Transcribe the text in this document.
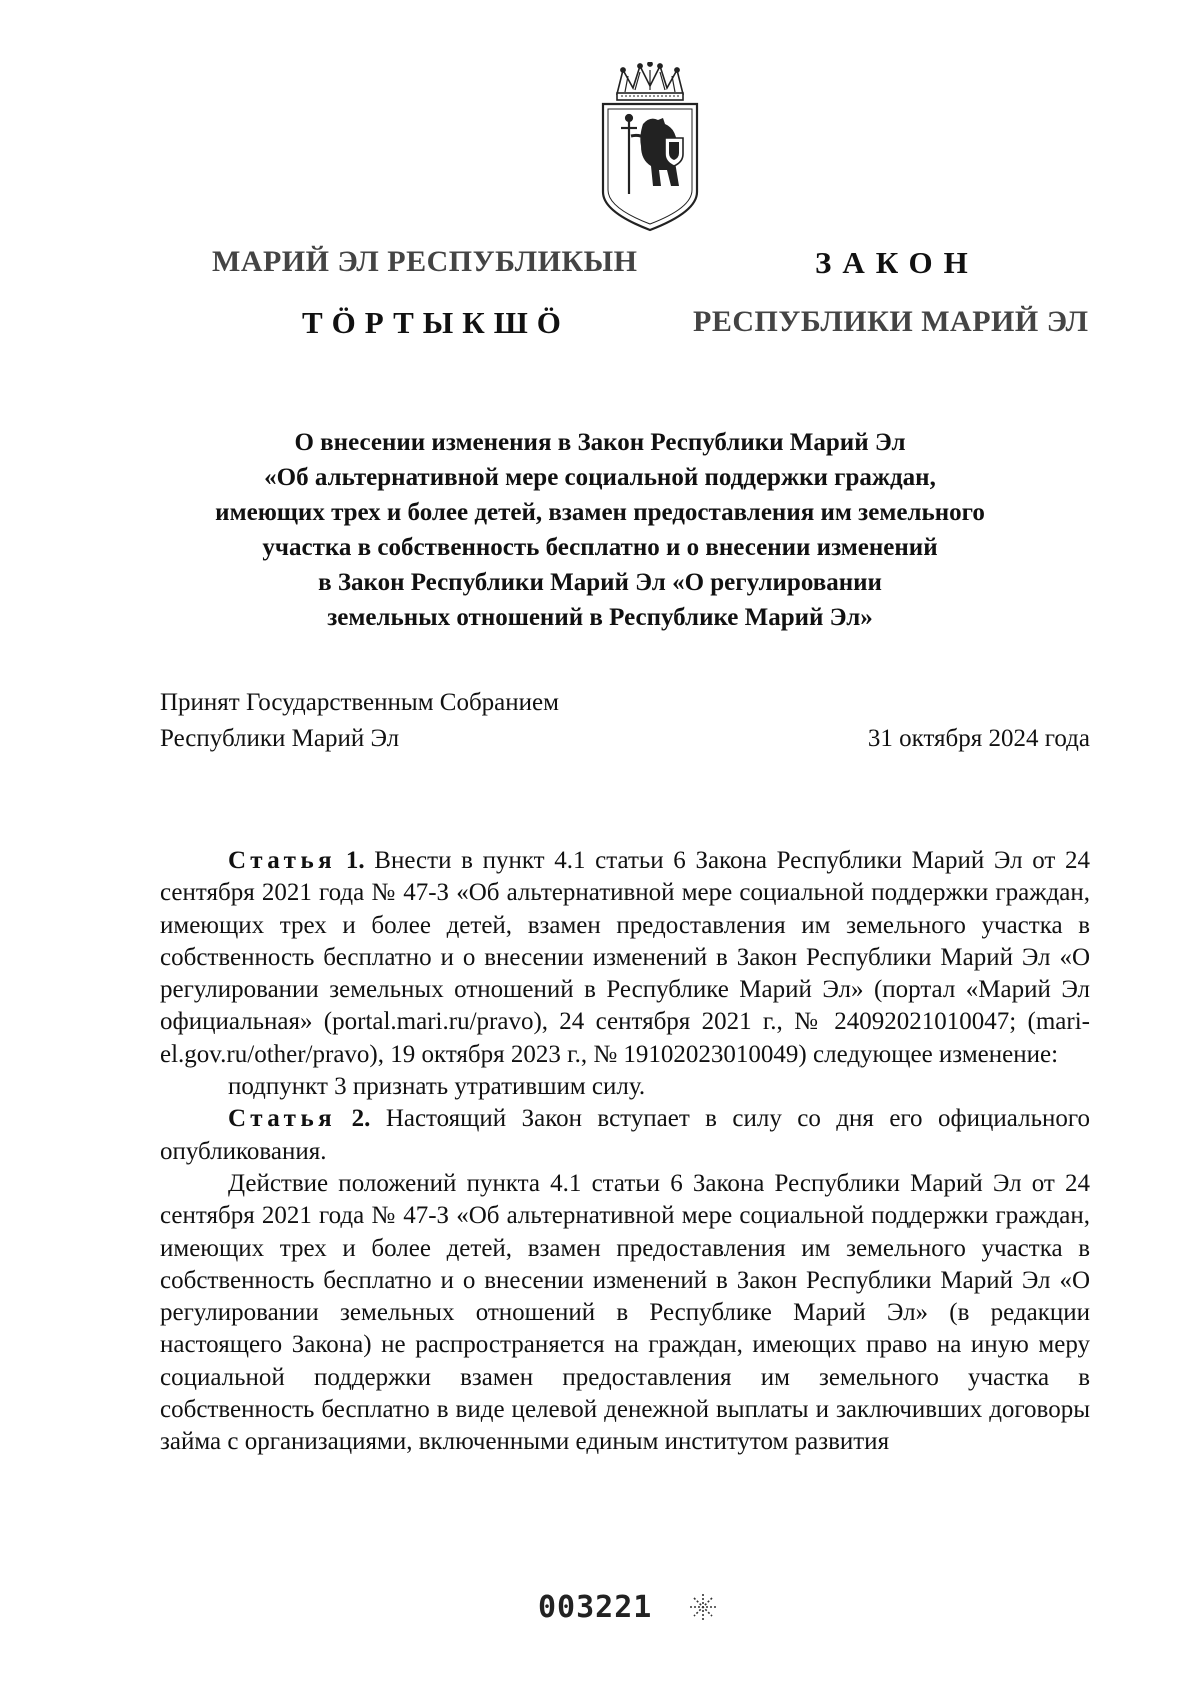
МАРИЙ ЭЛ РЕСПУБЛИКЫН
ТӦРТЫКШӦ
ЗАКОН
РЕСПУБЛИКИ МАРИЙ ЭЛ
О внесении изменения в Закон Республики Марий Эл
«Об альтернативной мере социальной поддержки граждан,
имеющих трех и более детей, взамен предоставления им земельного
участка в собственность бесплатно и о внесении изменений
в Закон Республики Марий Эл «О регулировании
земельных отношений в Республике Марий Эл»
Принят Государственным Собранием
Республики Марий Эл	31 октября 2024 года

Статья 1. Внести в пункт 4.1 статьи 6 Закона Республики Марий Эл от 24 сентября 2021 года № 47-З «Об альтернативной мере социальной поддержки граждан, имеющих трех и более детей, взамен предоставления им земельного участка в собственность бесплатно и о внесении изменений в Закон Республики Марий Эл «О регулировании земельных отношений в Республике Марий Эл» (портал «Марий Эл официальная» (portal.mari.ru/pravo), 24 сентября 2021 г., № 24092021010047; (mari-el.gov.ru/other/pravo), 19 октября 2023 г., № 19102023010049) следующее изменение:

подпункт 3 признать утратившим силу.

Статья 2. Настоящий Закон вступает в силу со дня его официального опубликования.

Действие положений пункта 4.1 статьи 6 Закона Республики Марий Эл от 24 сентября 2021 года № 47-З «Об альтернативной мере социальной поддержки граждан, имеющих трех и более детей, взамен предоставления им земельного участка в собственность бесплатно и о внесении изменений в Закон Республики Марий Эл «О регулировании земельных отношений в Республике Марий Эл» (в редакции настоящего Закона) не распространяется на граждан, имеющих право на иную меру социальной поддержки взамен предоставления им земельного участка в собственность бесплатно в виде целевой денежной выплаты и заключивших договоры займа с организациями, включенными единым институтом развития

003221
